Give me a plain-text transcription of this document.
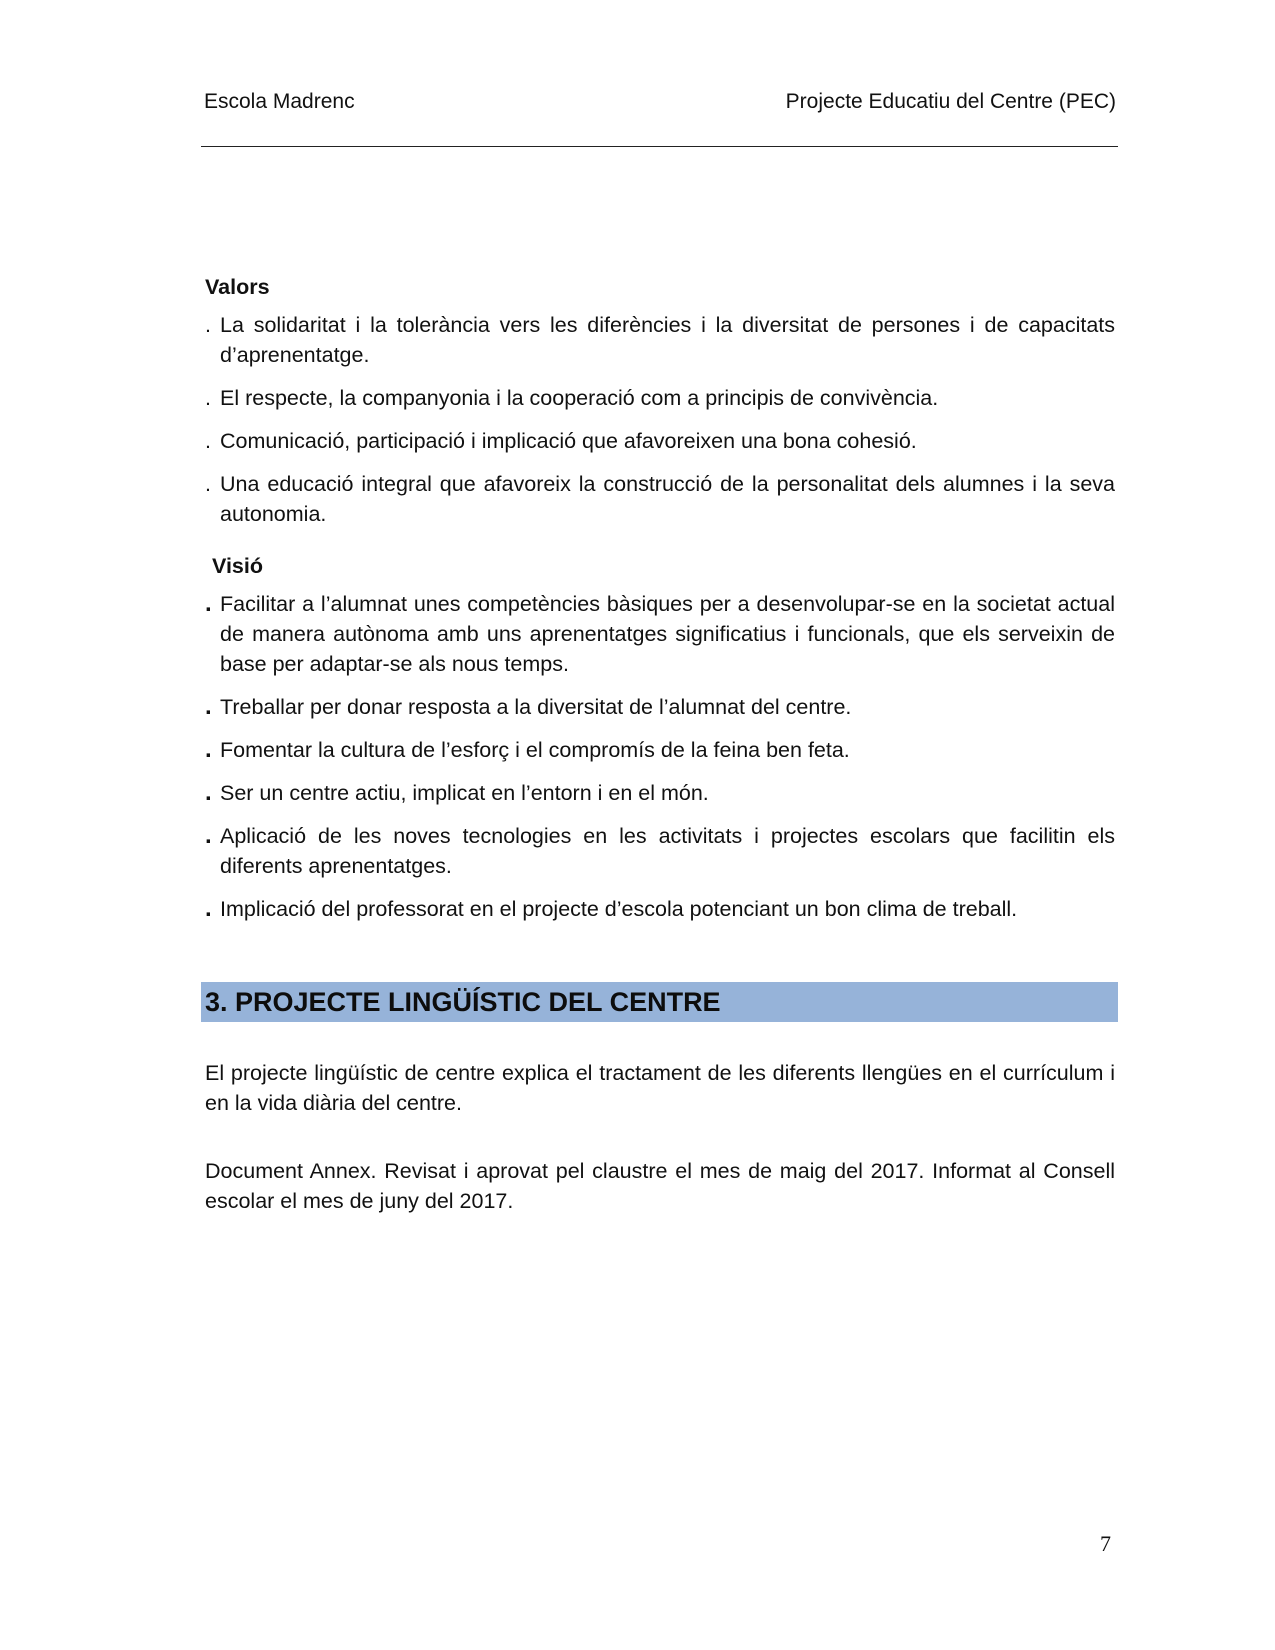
Escola Madrenc	Projecte Educatiu del Centre (PEC)
Valors
. La solidaritat i la tolerància vers les diferències i la diversitat de persones i de capacitats d’aprenentatge.
. El respecte, la companyonia i la cooperació com a principis de convivència.
. Comunicació, participació i implicació que afavoreixen una bona cohesió.
. Una educació integral que afavoreix la construcció de la personalitat dels alumnes i la seva autonomia.
Visió
. Facilitar a l’alumnat unes competències bàsiques per a desenvolupar-se en la societat actual de manera autònoma amb uns aprenentatges significatius i funcionals, que els serveixin de base per adaptar-se als nous temps.
. Treballar per donar resposta a la diversitat de l’alumnat del centre.
. Fomentar la cultura de l’esforç i el compromís de la feina ben feta.
. Ser un centre actiu, implicat en l’entorn i en el món.
. Aplicació de les noves tecnologies en les activitats i projectes escolars que facilitin els diferents aprenentatges.
. Implicació del professorat en el projecte d’escola potenciant un bon clima de treball.
3. PROJECTE LINGÜÍSTIC DEL CENTRE
El projecte lingüístic de centre explica el tractament de les diferents llengües en el currículum i en la vida diària del centre.
Document Annex. Revisat i aprovat pel claustre el mes de maig del 2017. Informat al Consell escolar el mes de juny del 2017.
7
